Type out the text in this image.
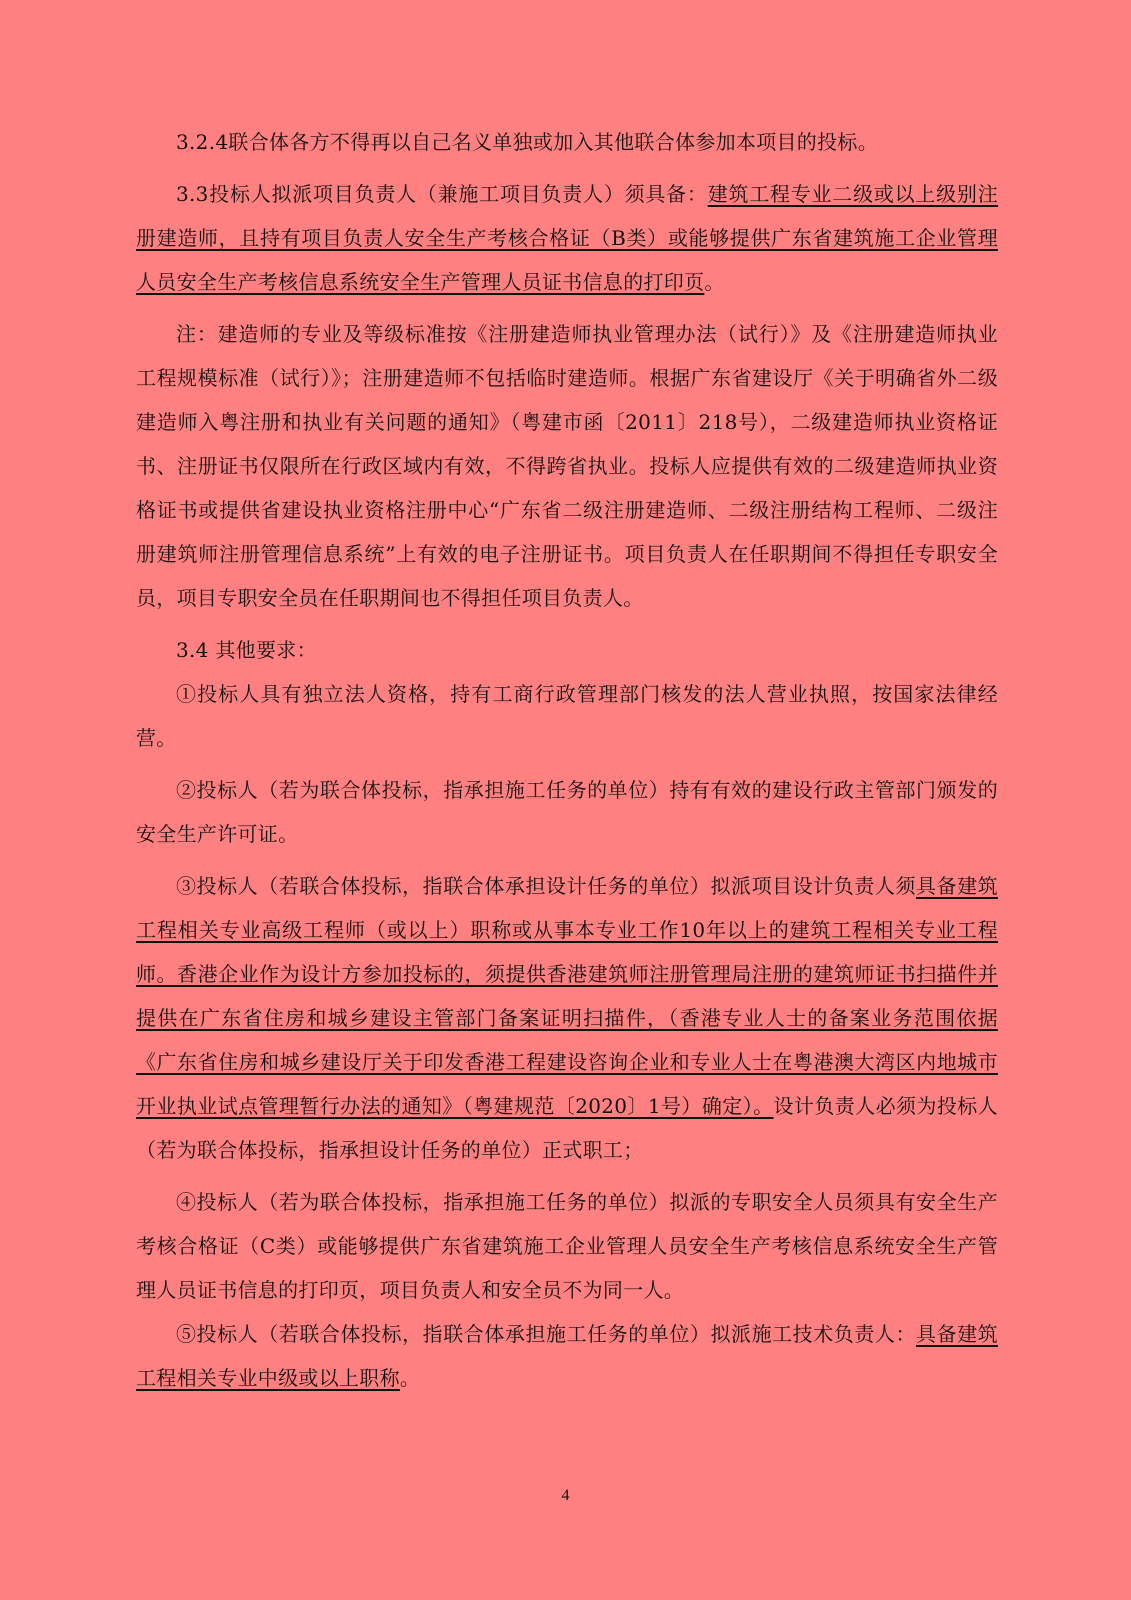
3.2.4联合体各方不得再以自己名义单独或加入其他联合体参加本项目的投标。

3.3投标人拟派项目负责人（兼施工项目负责人）须具备：建筑工程专业二级或以上级别注册建造师，且持有项目负责人安全生产考核合格证（B类）或能够提供广东省建筑施工企业管理人员安全生产考核信息系统安全生产管理人员证书信息的打印页。

注：建造师的专业及等级标准按《注册建造师执业管理办法（试行）》及《注册建造师执业工程规模标准（试行）》；注册建造师不包括临时建造师。根据广东省建设厅《关于明确省外二级建造师入粤注册和执业有关问题的通知》（粤建市函〔2011〕218号），二级建造师执业资格证书、注册证书仅限所在行政区域内有效，不得跨省执业。投标人应提供有效的二级建造师执业资格证书或提供省建设执业资格注册中心“广东省二级注册建造师、二级注册结构工程师、二级注册建筑师注册管理信息系统”上有效的电子注册证书。项目负责人在任职期间不得担任专职安全员，项目专职安全员在任职期间也不得担任项目负责人。

3.4 其他要求：

①投标人具有独立法人资格，持有工商行政管理部门核发的法人营业执照，按国家法律经营。

②投标人（若为联合体投标，指承担施工任务的单位）持有有效的建设行政主管部门颁发的安全生产许可证。

③投标人（若联合体投标，指联合体承担设计任务的单位）拟派项目设计负责人须具备建筑工程相关专业高级工程师（或以上）职称或从事本专业工作10年以上的建筑工程相关专业工程师。香港企业作为设计方参加投标的，须提供香港建筑师注册管理局注册的建筑师证书扫描件并提供在广东省住房和城乡建设主管部门备案证明扫描件，（香港专业人士的备案业务范围依据《广东省住房和城乡建设厅关于印发香港工程建设咨询企业和专业人士在粤港澳大湾区内地城市开业执业试点管理暂行办法的通知》（粤建规范〔2020〕1号）确定）。设计负责人必须为投标人（若为联合体投标，指承担设计任务的单位）正式职工；

④投标人（若为联合体投标，指承担施工任务的单位）拟派的专职安全人员须具有安全生产考核合格证（C类）或能够提供广东省建筑施工企业管理人员安全生产考核信息系统安全生产管理人员证书信息的打印页，项目负责人和安全员不为同一人。

⑤投标人（若联合体投标，指联合体承担施工任务的单位）拟派施工技术负责人：具备建筑工程相关专业中级或以上职称。

4
